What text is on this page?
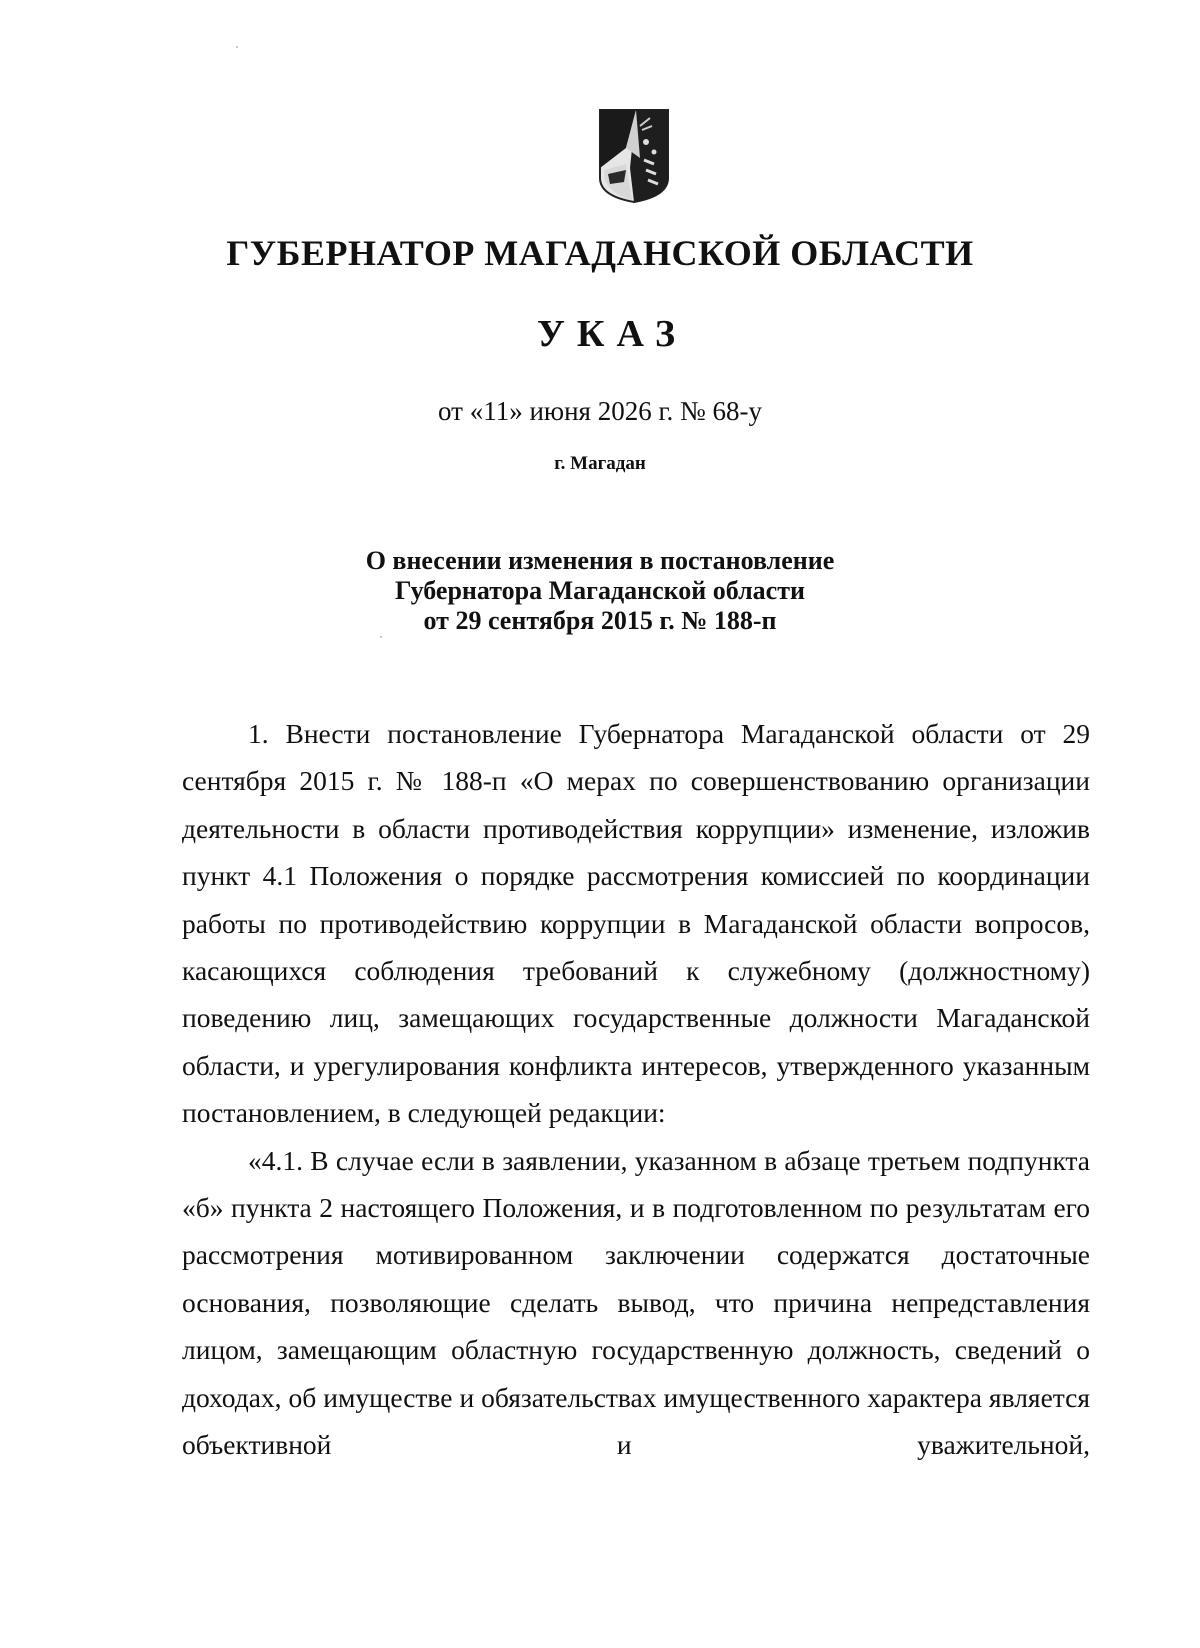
ГУБЕРНАТОР МАГАДАНСКОЙ ОБЛАСТИ
УКАЗ
от «11» июня 2026 г. № 68-у
г. Магадан
О внесении изменения в постановление
Губернатора Магаданской области
от 29 сентября 2015 г. № 188-п

1. Внести постановление Губернатора Магаданской области от 29 сентября 2015 г. № 188-п «О мерах по совершенствованию организации деятельности в области противодействия коррупции» изменение, изложив пункт 4.1 Положения о порядке рассмотрения комиссией по координации работы по противодействию коррупции в Магаданской области вопросов, касающихся соблюдения требований к служебному (должностному) поведению лиц, замещающих государственные должности Магаданской области, и урегулирования конфликта интересов, утвержденного указанным постановлением, в следующей редакции:

«4.1. В случае если в заявлении, указанном в абзаце третьем подпункта «б» пункта 2 настоящего Положения, и в подготовленном по результатам его рассмотрения мотивированном заключении содержатся достаточные основания, позволяющие сделать вывод, что причина непредставления лицом, замещающим областную государственную должность, сведений о доходах, об имуществе и обязательствах имущественного характера является объективной и уважительной,
